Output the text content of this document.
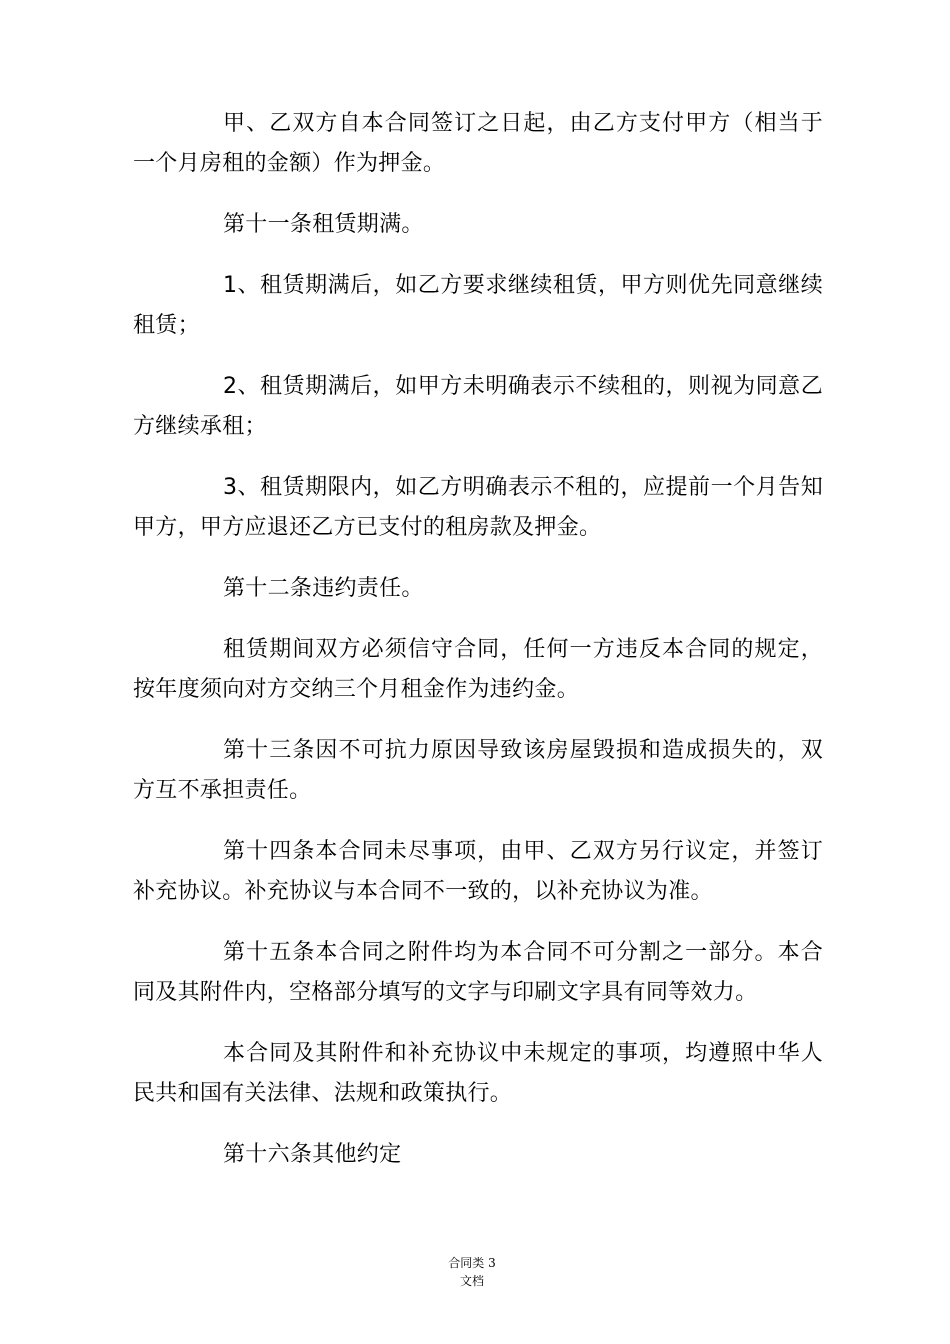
甲、乙双方自本合同签订之日起，由乙方支付甲方（相当于一个月房租的金额）作为押金。

第十一条租赁期满。

1、租赁期满后，如乙方要求继续租赁，甲方则优先同意继续租赁；

2、租赁期满后，如甲方未明确表示不续租的，则视为同意乙方继续承租；

3、租赁期限内，如乙方明确表示不租的，应提前一个月告知甲方，甲方应退还乙方已支付的租房款及押金。

第十二条违约责任。

租赁期间双方必须信守合同，任何一方违反本合同的规定，按年度须向对方交纳三个月租金作为违约金。

第十三条因不可抗力原因导致该房屋毁损和造成损失的，双方互不承担责任。

第十四条本合同未尽事项，由甲、乙双方另行议定，并签订补充协议。补充协议与本合同不一致的，以补充协议为准。

第十五条本合同之附件均为本合同不可分割之一部分。本合同及其附件内，空格部分填写的文字与印刷文字具有同等效力。

本合同及其附件和补充协议中未规定的事项，均遵照中华人民共和国有关法律、法规和政策执行。

第十六条其他约定

合同类 3
文档
